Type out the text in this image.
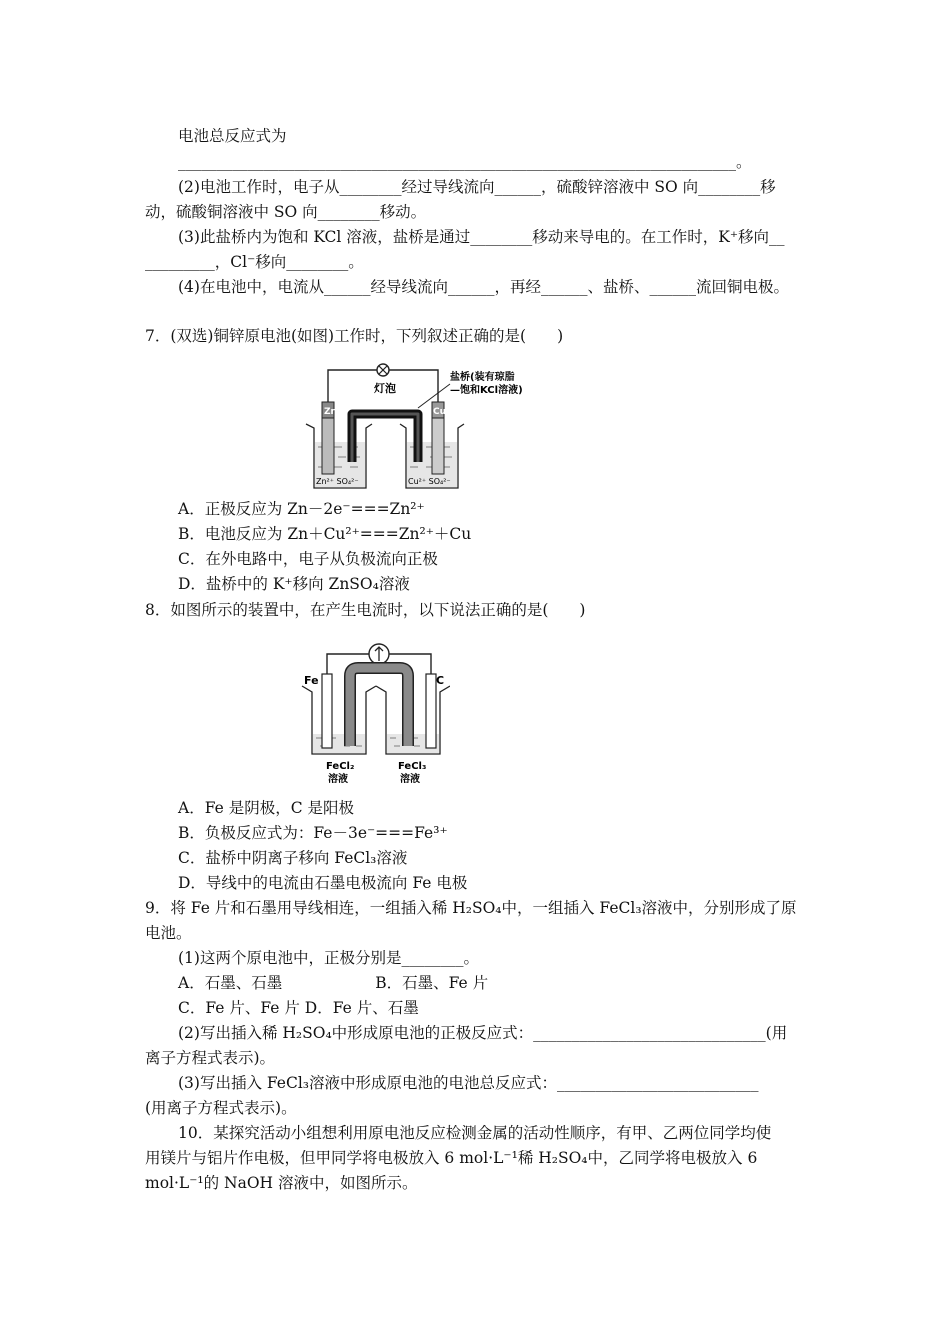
电池总反应式为
________________________________________________________________________。
(2)电池工作时，电子从________经过导线流向______，硫酸锌溶液中 SO 向________移
动，硫酸铜溶液中 SO 向________移动。
(3)此盐桥内为饱和 KCl 溶液，盐桥是通过________移动来导电的。在工作时，K⁺移向__
_________，Cl⁻移向________。
(4)在电池中，电流从______经导线流向______，再经______、盐桥、______流回铜电极。
7．(双选)铜锌原电池(如图)工作时，下列叙述正确的是(　　)
灯泡
盐桥(装有琼脂
—饱和KCl溶液)
Zn
Zn²⁺ SO₄²⁻
Cu
Cu²⁺ SO₄²⁻
A．正极反应为 Zn－2e⁻===Zn²⁺
B．电池反应为 Zn＋Cu²⁺===Zn²⁺＋Cu
C．在外电路中，电子从负极流向正极
D．盐桥中的 K⁺移向 ZnSO₄溶液
8．如图所示的装置中，在产生电流时，以下说法正确的是(　　)
Fe	C
FeCl₂
溶液
FeCl₃
溶液
A．Fe 是阴极，C 是阳极
B．负极反应式为：Fe－3e⁻===Fe³⁺
C．盐桥中阴离子移向 FeCl₃溶液
D．导线中的电流由石墨电极流向 Fe 电极
9．将 Fe 片和石墨用导线相连，一组插入稀 H₂SO₄中，一组插入 FeCl₃溶液中，分别形成了原
电池。
(1)这两个原电池中，正极分别是________。
A．石墨、石墨　　　　　　B．石墨、Fe 片
C．Fe 片、Fe 片 D．Fe 片、石墨
(2)写出插入稀 H₂SO₄中形成原电池的正极反应式：______________________________(用
离子方程式表示)。
(3)写出插入 FeCl₃溶液中形成原电池的电池总反应式：__________________________
(用离子方程式表示)。
10．某探究活动小组想利用原电池反应检测金属的活动性顺序，有甲、乙两位同学均使
用镁片与铝片作电极，但甲同学将电极放入 6 mol·L⁻¹稀 H₂SO₄中，乙同学将电极放入 6
mol·L⁻¹的 NaOH 溶液中，如图所示。
